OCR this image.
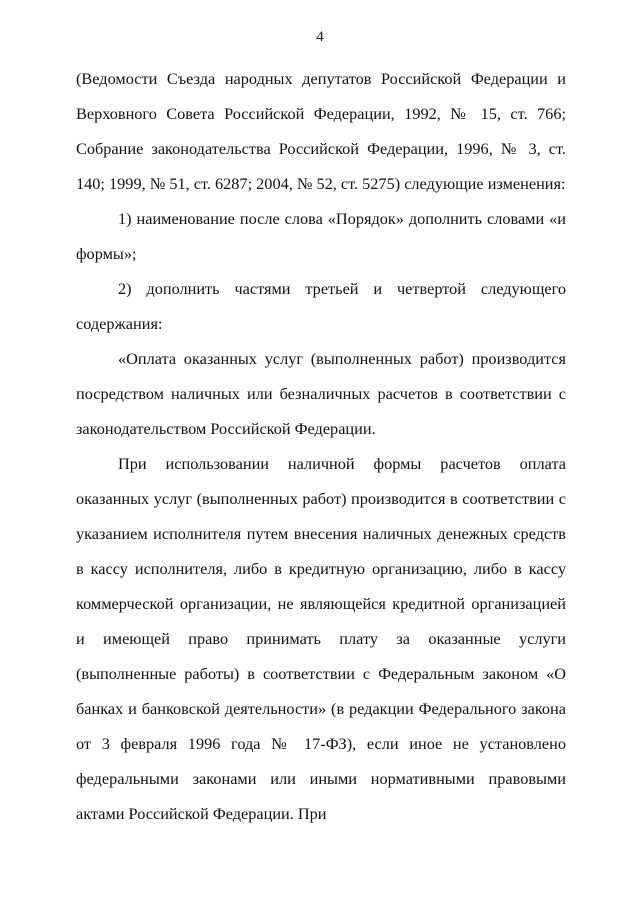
4

(Ведомости Съезда народных депутатов Российской Федерации и Верховного Совета Российской Федерации, 1992, № 15, ст. 766; Собрание законодательства Российской Федерации, 1996, № 3, ст. 140; 1999, № 51, ст. 6287; 2004, № 52, ст. 5275) следующие изменения:

1) наименование после слова «Порядок» дополнить словами «и формы»;

2) дополнить частями третьей и четвертой следующего содержания:

«Оплата оказанных услуг (выполненных работ) производится посредством наличных или безналичных расчетов в соответствии с законодательством Российской Федерации.

При использовании наличной формы расчетов оплата оказанных услуг (выполненных работ) производится в соответствии с указанием исполнителя путем внесения наличных денежных средств в кассу исполнителя, либо в кредитную организацию, либо в кассу коммерческой организации, не являющейся кредитной организацией и имеющей право принимать плату за оказанные услуги (выполненные работы) в соответствии с Федеральным законом «О банках и банковской деятельности» (в редакции Федерального закона от 3 февраля 1996 года № 17-ФЗ), если иное не установлено федеральными законами или иными нормативными правовыми актами Российской Федерации. При
